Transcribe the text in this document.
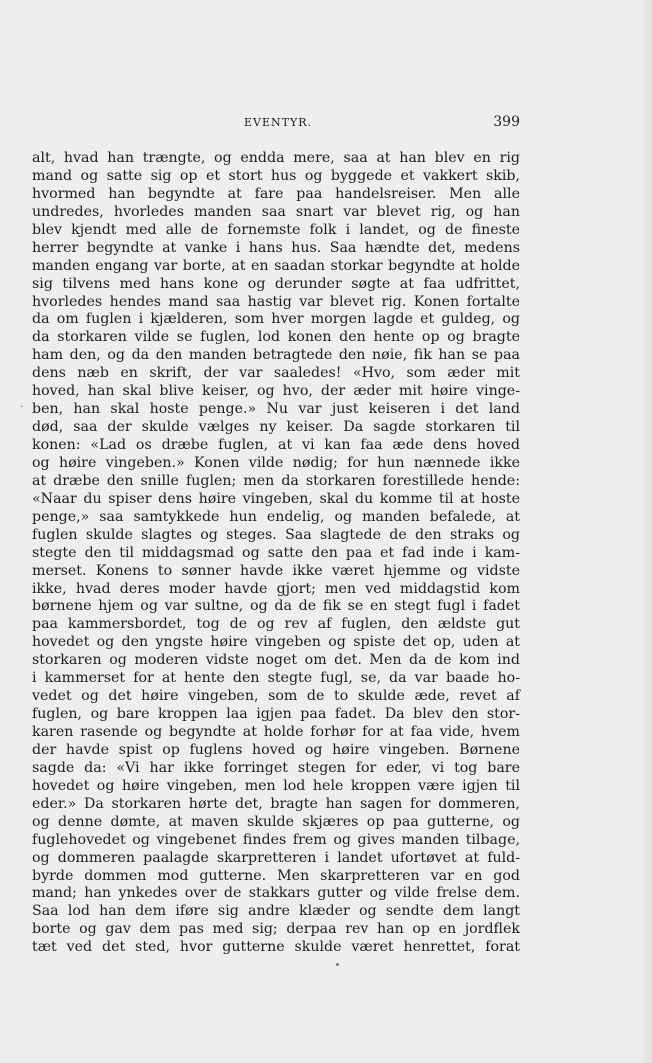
EVENTYR.	399
·
alt, hvad han trængte, og endda mere, saa at han blev en rig
mand og satte sig op et stort hus og byggede et vakkert skib,
hvormed han begyndte at fare paa handelsreiser. Men alle
undredes, hvorledes manden saa snart var blevet rig, og han
blev kjendt med alle de fornemste folk i landet, og de fineste
herrer begyndte at vanke i hans hus. Saa hændte det, medens
manden engang var borte, at en saadan storkar begyndte at holde
sig tilvens med hans kone og derunder søgte at faa udfrittet,
hvorledes hendes mand saa hastig var blevet rig. Konen fortalte
da om fuglen i kjælderen, som hver morgen lagde et guldeg, og
da storkaren vilde se fuglen, lod konen den hente op og bragte
ham den, og da den manden betragtede den nøie, fik han se paa
dens næb en skrift, der var saaledes! «Hvo, som æder mit
hoved, han skal blive keiser, og hvo, der æder mit høire vinge-
ben, han skal hoste penge.» Nu var just keiseren i det land
død, saa der skulde vælges ny keiser. Da sagde storkaren til
konen: «Lad os dræbe fuglen, at vi kan faa æde dens hoved
og høire vingeben.» Konen vilde nødig; for hun nænnede ikke
at dræbe den snille fuglen; men da storkaren forestillede hende:
«Naar du spiser dens høire vingeben, skal du komme til at hoste
penge,» saa samtykkede hun endelig, og manden befalede, at
fuglen skulde slagtes og steges. Saa slagtede de den straks og
stegte den til middagsmad og satte den paa et fad inde i kam-
merset. Konens to sønner havde ikke været hjemme og vidste
ikke, hvad deres moder havde gjort; men ved middagstid kom
børnene hjem og var sultne, og da de fik se en stegt fugl i fadet
paa kammersbordet, tog de og rev af fuglen, den ældste gut
hovedet og den yngste høire vingeben og spiste det op, uden at
storkaren og moderen vidste noget om det. Men da de kom ind
i kammerset for at hente den stegte fugl, se, da var baade ho-
vedet og det høire vingeben, som de to skulde æde, revet af
fuglen, og bare kroppen laa igjen paa fadet. Da blev den stor-
karen rasende og begyndte at holde forhør for at faa vide, hvem
der havde spist op fuglens hoved og høire vingeben. Børnene
sagde da: «Vi har ikke forringet stegen for eder, vi tog bare
hovedet og høire vingeben, men lod hele kroppen være igjen til
eder.» Da storkaren hørte det, bragte han sagen for dommeren,
og denne dømte, at maven skulde skjæres op paa gutterne, og
fuglehovedet og vingebenet findes frem og gives manden tilbage,
og dommeren paalagde skarpretteren i landet ufortøvet at fuld-
byrde dommen mod gutterne. Men skarpretteren var en god
mand; han ynkedes over de stakkars gutter og vilde frelse dem.
Saa lod han dem iføre sig andre klæder og sendte dem langt
borte og gav dem pas med sig; derpaa rev han op en jordflek
tæt ved det sted, hvor gutterne skulde været henrettet, forat
